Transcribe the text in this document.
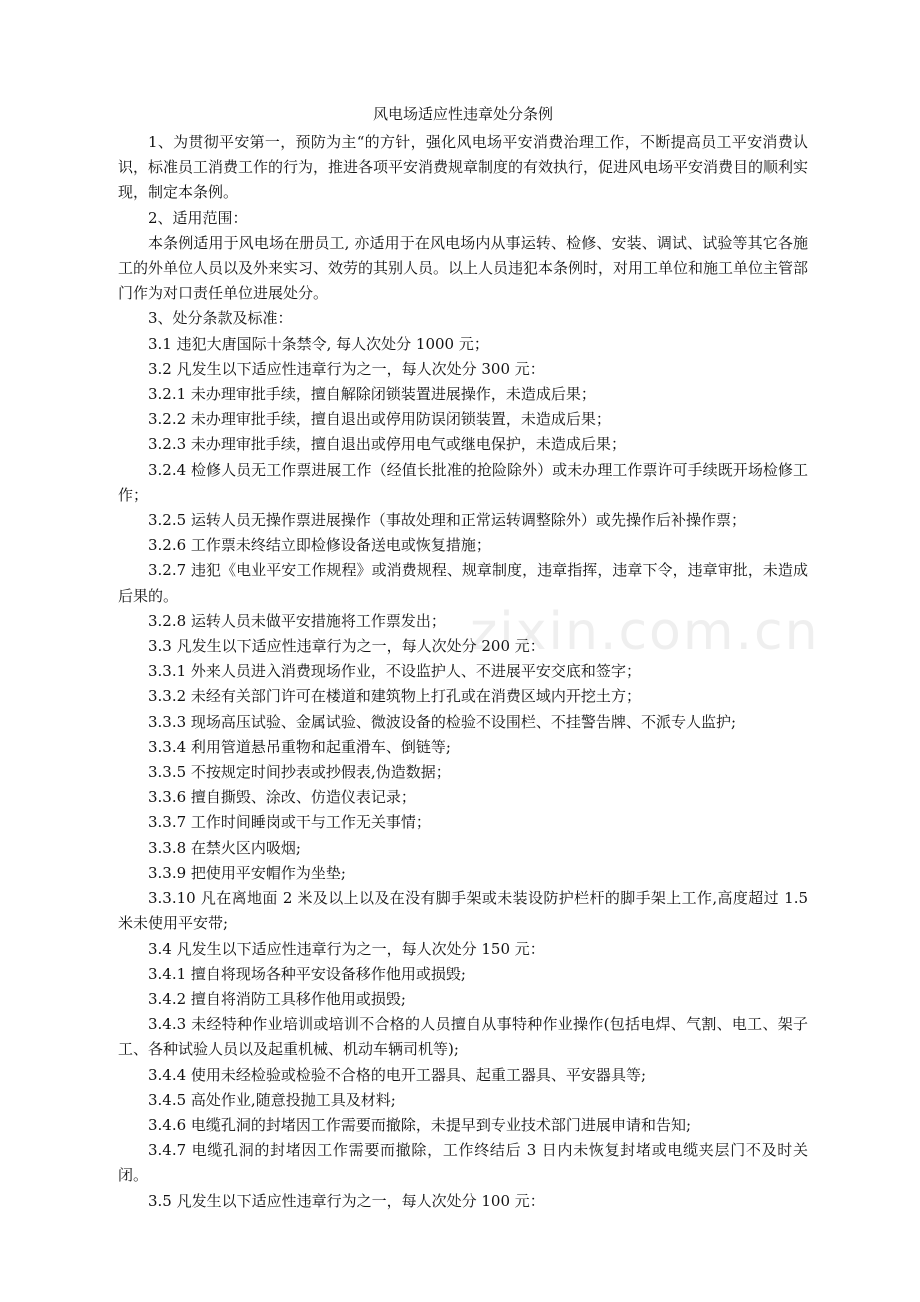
zixin.com.cn
风电场适应性违章处分条例

1、为贯彻平安第一，预防为主“的方针，强化风电场平安消费治理工作，不断提高员工平安消费认识，标准员工消费工作的行为，推进各项平安消费规章制度的有效执行，促进风电场平安消费目的顺利实现，制定本条例。

2、适用范围：

本条例适用于风电场在册员工, 亦适用于在风电场内从事运转、检修、安装、调试、试验等其它各施工的外单位人员以及外来实习、效劳的其别人员。以上人员违犯本条例时，对用工单位和施工单位主管部门作为对口责任单位进展处分。

3、处分条款及标准：

3.1 违犯大唐国际十条禁令, 每人次处分 1000 元；

3.2 凡发生以下适应性违章行为之一，每人次处分 300 元：

3.2.1 未办理审批手续，擅自解除闭锁装置进展操作，未造成后果；

3.2.2 未办理审批手续，擅自退出或停用防误闭锁装置，未造成后果；

3.2.3 未办理审批手续，擅自退出或停用电气或继电保护，未造成后果；

3.2.4 检修人员无工作票进展工作（经值长批准的抢险除外）或未办理工作票许可手续既开场检修工作；

3.2.5 运转人员无操作票进展操作（事故处理和正常运转调整除外）或先操作后补操作票；

3.2.6 工作票未终结立即检修设备送电或恢复措施；

3.2.7 违犯《电业平安工作规程》或消费规程、规章制度，违章指挥，违章下令，违章审批，未造成后果的。

3.2.8 运转人员未做平安措施将工作票发出；

3.3 凡发生以下适应性违章行为之一，每人次处分 200 元：

3.3.1 外来人员进入消费现场作业，不设监护人、不进展平安交底和签字；

3.3.2 未经有关部门许可在楼道和建筑物上打孔或在消费区域内开挖土方；

3.3.3 现场高压试验、金属试验、微波设备的检验不设围栏、不挂警告牌、不派专人监护;

3.3.4 利用管道悬吊重物和起重滑车、倒链等;

3.3.5 不按规定时间抄表或抄假表,伪造数据；

3.3.6 擅自撕毁、涂改、仿造仪表记录；

3.3.7 工作时间睡岗或干与工作无关事情；

3.3.8 在禁火区内吸烟;

3.3.9 把使用平安帽作为坐垫;

3.3.10 凡在离地面 2 米及以上以及在没有脚手架或未装设防护栏杆的脚手架上工作,高度超过 1.5 米未使用平安带;

3.4 凡发生以下适应性违章行为之一，每人次处分 150 元：

3.4.1 擅自将现场各种平安设备移作他用或损毁;

3.4.2 擅自将消防工具移作他用或损毁;

3.4.3 未经特种作业培训或培训不合格的人员擅自从事特种作业操作(包括电焊、气割、电工、架子工、各种试验人员以及起重机械、机动车辆司机等);

3.4.4 使用未经检验或检验不合格的电开工器具、起重工器具、平安器具等;

3.4.5 高处作业,随意投抛工具及材料;

3.4.6 电缆孔洞的封堵因工作需要而撤除，未提早到专业技术部门进展申请和告知;

3.4.7 电缆孔洞的封堵因工作需要而撤除，工作终结后 3 日内未恢复封堵或电缆夹层门不及时关闭。

3.5 凡发生以下适应性违章行为之一，每人次处分 100 元：
